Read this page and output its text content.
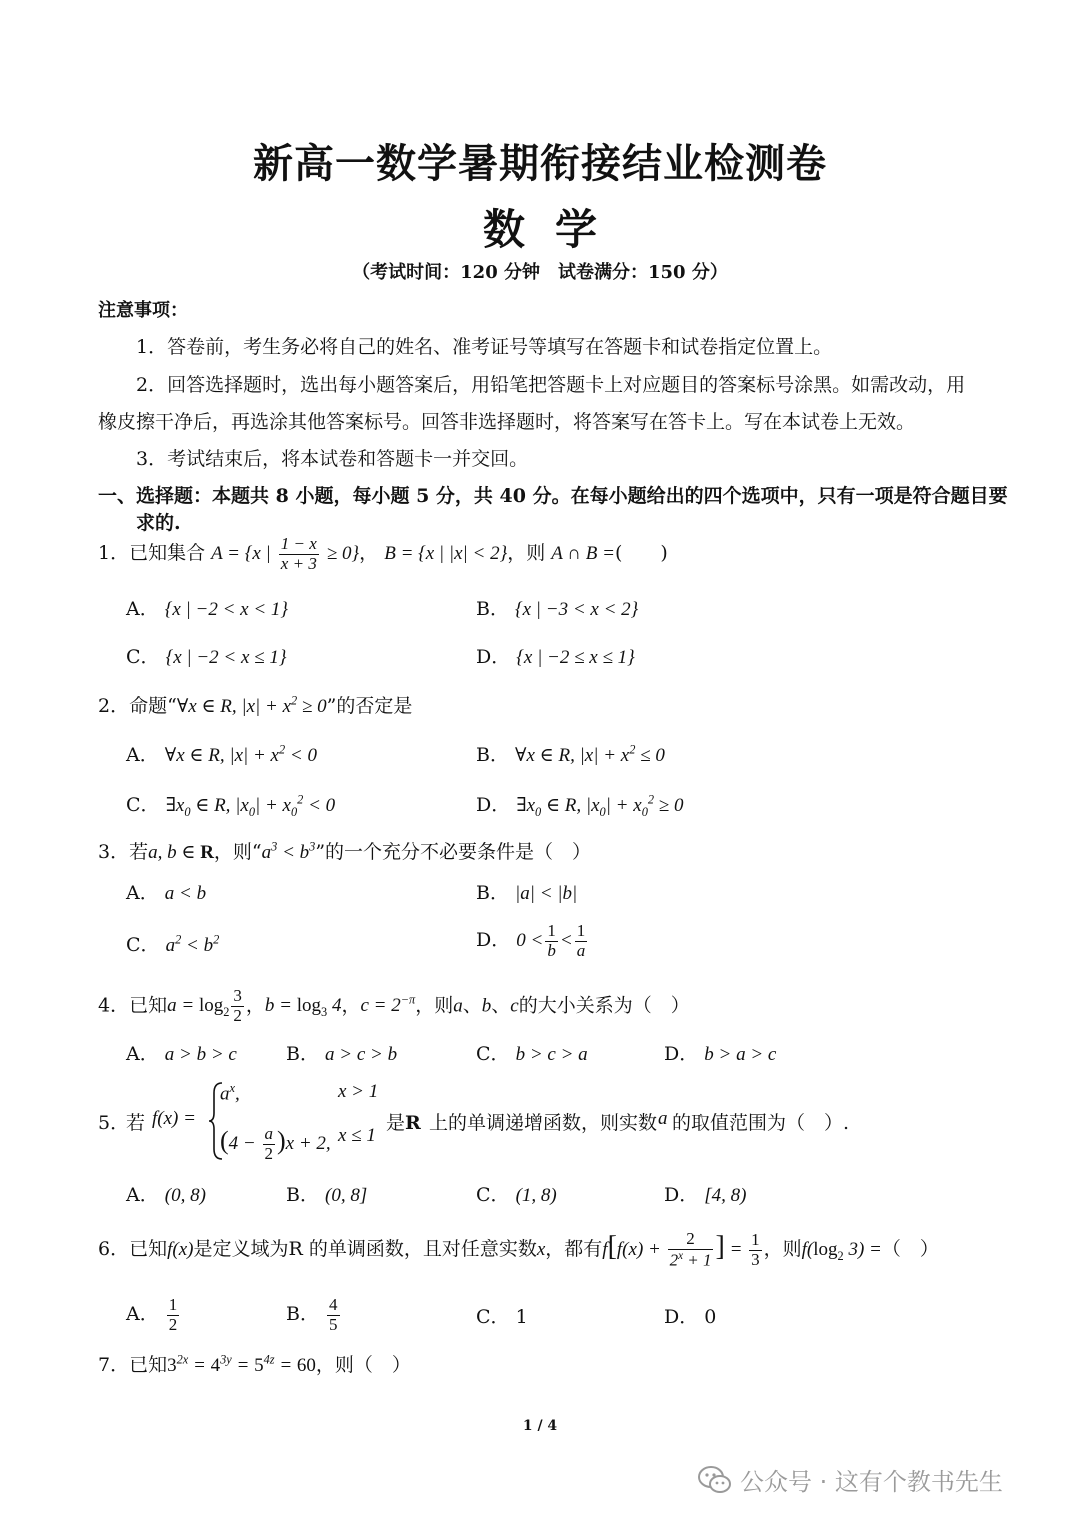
新高一数学暑期衔接结业检测卷
数学
（考试时间：120 分钟　试卷满分：150 分）
注意事项：
1．答卷前，考生务必将自己的姓名、准考证号等填写在答题卡和试卷指定位置上。
2．回答选择题时，选出每小题答案后，用铅笔把答题卡上对应题目的答案标号涂黑。如需改动，用
橡皮擦干净后，再选涂其他答案标号。回答非选择题时，将答案写在答卡上。写在本试卷上无效。
3．考试结束后，将本试卷和答题卡一并交回。
一、选择题：本题共 8 小题，每小题 5 分，共 40 分。在每小题给出的四个选项中，只有一项是符合题目要
求的.
1．已知集合 A = {x | $\frac{1 - x}{x + 3} \ge 0$}， B = {x | |x| < 2}，则 A ∩ B =(　　)
A． {x | −2 < x < 1}	B． {x | −3 < x < 2}
C． {x | −2 < x ≤ 1}	D． {x | −2 ≤ x ≤ 1}
2．命题“∀x ∈ R, $|x| + x^2 \ge 0$”的否定是
A． ∀x ∈ R, $|x| + x^2 < 0$	B． ∀x ∈ R, $|x| + x^2 \le 0$
C． $\exists x_0$ ∈ R, $|x_0| + x_0^2 < 0$	D． $\exists x_0$ ∈ R, $|x_0| + x_0^2 \ge 0$
3．若a, b ∈ R，则“$a^3 < b^3$”的一个充分不必要条件是（　）
A． a < b	B． |a| < |b|
C． $a^2 < b^2$	D． $0 < \frac{1}{b} < \frac{1}{a}$
4．已知$a = \log_2 \frac{3}{2}$ ，$b = \log_3 4$，$c = 2^{-\pi}$，则a、b、c的大小关系为（　）
A． a > b > c	B． a > c > b	C． b > c > a	D． b > a > c
5．
若 f(x) =
$a^x$,	x > 1
$(4 - \frac{a}{2} )x + 2$, x ≤ 1
是R 上的单调递增函数，则实数 a 的取值范围为（　）.
A． (0, 8)	B． (0, 8]	C． (1, 8)	D． [4, 8)
6．已知f(x)是定义域为R 的单调函数，且对任意实数x，都有$f[f(x) + \frac{2}{2^x + 1}$ ] = $\frac{1}{3}$ ，则$f(\log_2$ 3) =（　）
A． $\frac{1}{2}$	B． $\frac{4}{5}$	C． 1	D． 0
7．已知$3^{2x} = 4^{3y} = 5^{4z} = 60$，则（　）
1 / 4
公众号 · 这有个教书先生
